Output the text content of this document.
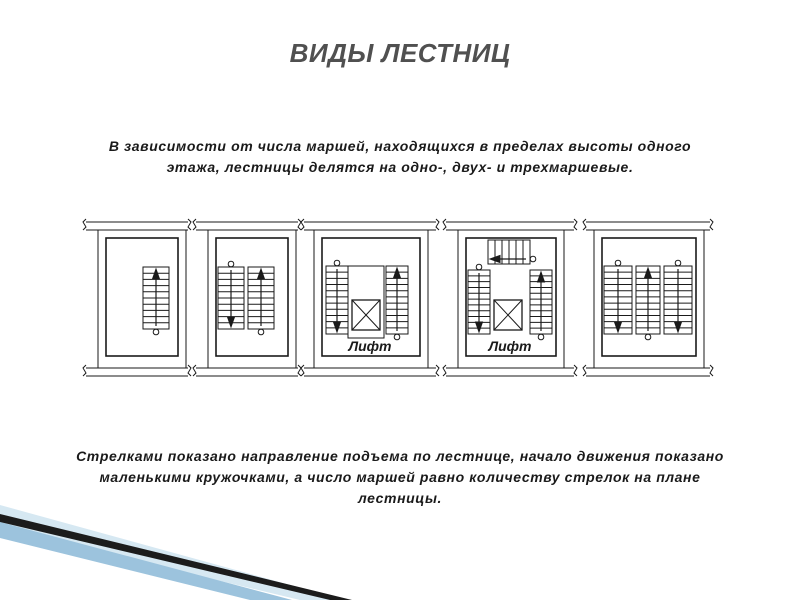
ВИДЫ ЛЕСТНИЦ
В зависимости от числа маршей, находящихся в пределах высоты одного
этажа, лестницы делятся на одно-, двух- и трехмаршевые.
Лифт	Лифт
Стрелками показано направление подъема по лестнице, начало движения показано
маленькими кружочками, а число маршей равно количеству стрелок на плане
лестницы.
